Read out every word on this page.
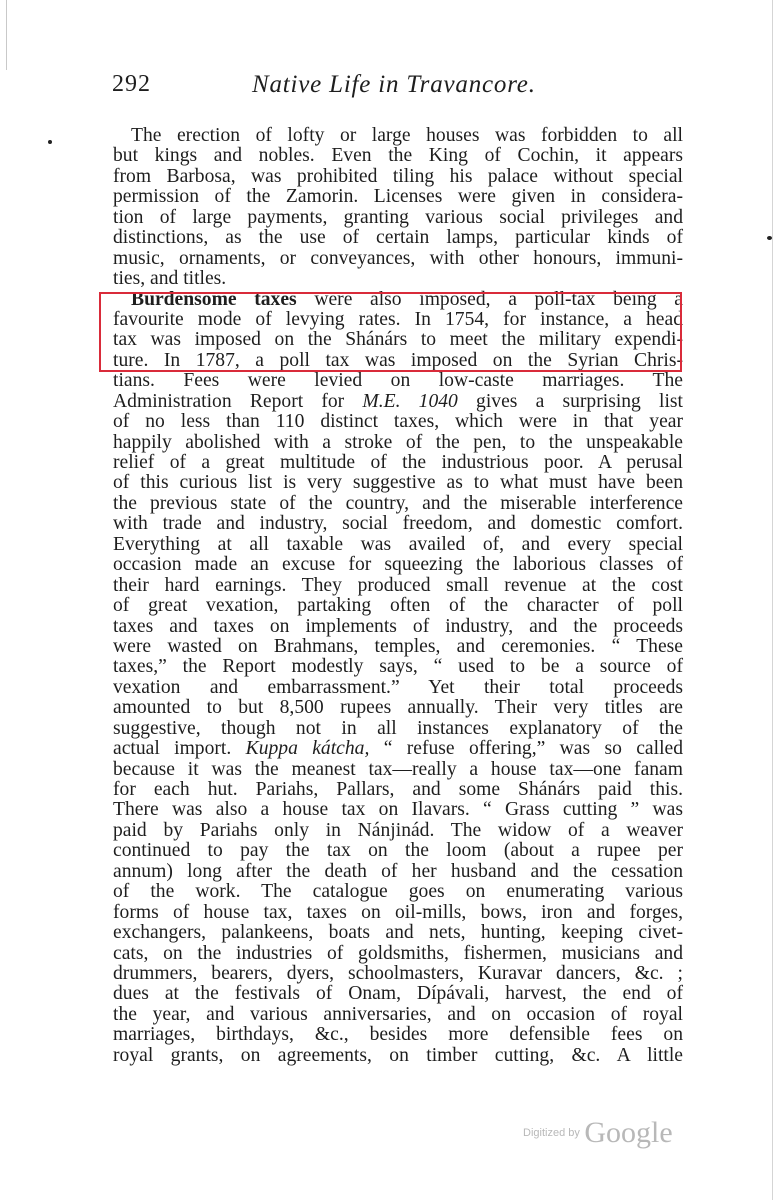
292	Native Life in Travancore.
The erection of lofty or large houses was forbidden to all
but kings and nobles. Even the King of Cochin, it appears
from Barbosa, was prohibited tiling his palace without special
permission of the Zamorin. Licenses were given in considera-
tion of large payments, granting various social privileges and
distinctions, as the use of certain lamps, particular kinds of
music, ornaments, or conveyances, with other honours, immuni-
ties, and titles.
Burdensome taxes were also imposed, a poll-tax being a
favourite mode of levying rates. In 1754, for instance, a head
tax was imposed on the Shánárs to meet the military expendi-
ture. In 1787, a poll tax was imposed on the Syrian Chris-
tians. Fees were levied on low-caste marriages. The
Administration Report for M.E. 1040 gives a surprising list
of no less than 110 distinct taxes, which were in that year
happily abolished with a stroke of the pen, to the unspeakable
relief of a great multitude of the industrious poor. A perusal
of this curious list is very suggestive as to what must have been
the previous state of the country, and the miserable interference
with trade and industry, social freedom, and domestic comfort.
Everything at all taxable was availed of, and every special
occasion made an excuse for squeezing the laborious classes of
their hard earnings. They produced small revenue at the cost
of great vexation, partaking often of the character of poll
taxes and taxes on implements of industry, and the proceeds
were wasted on Brahmans, temples, and ceremonies. “ These
taxes,” the Report modestly says, “ used to be a source of
vexation and embarrassment.” Yet their total proceeds
amounted to but 8,500 rupees annually. Their very titles are
suggestive, though not in all instances explanatory of the
actual import. Kuppa kátcha, “ refuse offering,” was so called
because it was the meanest tax—really a house tax—one fanam
for each hut. Pariahs, Pallars, and some Shánárs paid this.
There was also a house tax on Ilavars. “ Grass cutting ” was
paid by Pariahs only in Nánjinád. The widow of a weaver
continued to pay the tax on the loom (about a rupee per
annum) long after the death of her husband and the cessation
of the work. The catalogue goes on enumerating various
forms of house tax, taxes on oil-mills, bows, iron and forges,
exchangers, palankeens, boats and nets, hunting, keeping civet-
cats, on the industries of goldsmiths, fishermen, musicians and
drummers, bearers, dyers, schoolmasters, Kuravar dancers, &c. ;
dues at the festivals of Onam, Dípávali, harvest, the end of
the year, and various anniversaries, and on occasion of royal
marriages, birthdays, &c., besides more defensible fees on
royal grants, on agreements, on timber cutting, &c. A little
Digitized by Google
